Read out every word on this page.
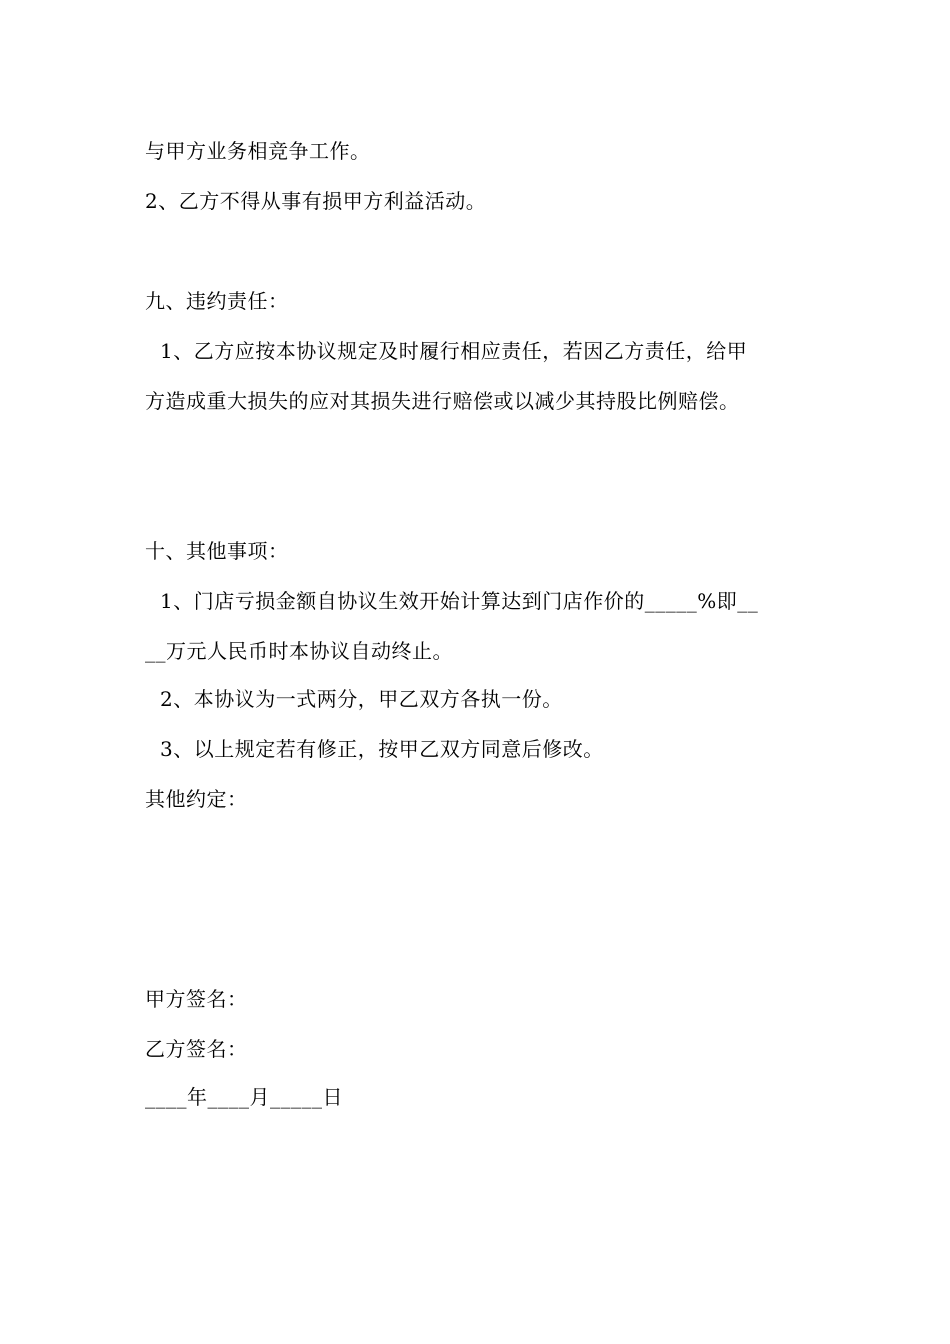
与甲方业务相竞争工作。
2、乙方不得从事有损甲方利益活动。
九、违约责任：
1、乙方应按本协议规定及时履行相应责任，若因乙方责任，给甲
方造成重大损失的应对其损失进行赔偿或以减少其持股比例赔偿。
十、其他事项：
1、门店亏损金额自协议生效开始计算达到门店作价的_____%即__
__万元人民币时本协议自动终止。
2、本协议为一式两分，甲乙双方各执一份。
3、以上规定若有修正，按甲乙双方同意后修改。
其他约定：
甲方签名：
乙方签名：
____年____月_____日
